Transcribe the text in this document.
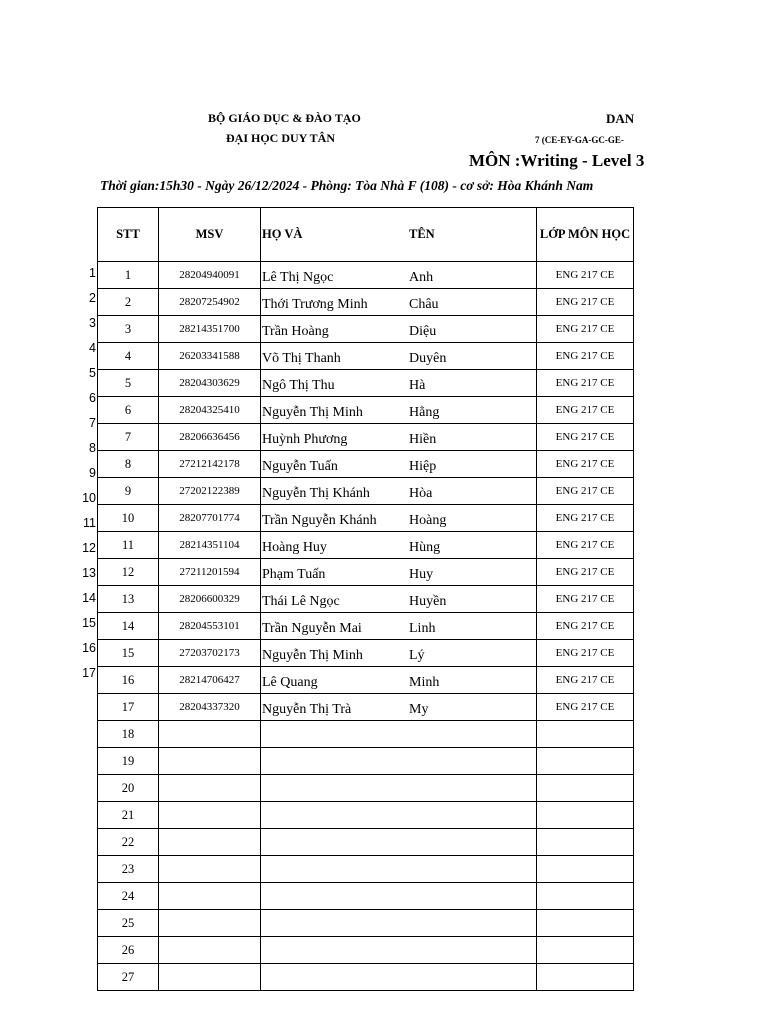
BỘ GIÁO DỤC & ĐÀO TẠO
ĐẠI HỌC DUY TÂN
DAN
7 (CE-EY-GA-GC-GE-
MÔN :Writing - Level 3
Thời gian:15h30 - Ngày 26/12/2024 - Phòng: Tòa Nhà F (108) - cơ sở: Hòa Khánh Nam
STT	MSV	HỌ VÀ	TÊN	LỚP MÔN HỌC
1	28204940091	Lê Thị Ngọc	Anh	ENG 217 CE
2	28207254902	Thới Trương Minh	Châu	ENG 217 CE
3	28214351700	Trần Hoàng	Diệu	ENG 217 CE
4	26203341588	Võ Thị Thanh	Duyên	ENG 217 CE
5	28204303629	Ngô Thị Thu	Hà	ENG 217 CE
6	28204325410	Nguyễn Thị Minh	Hằng	ENG 217 CE
7	28206636456	Huỳnh Phương	Hiền	ENG 217 CE
8	27212142178	Nguyễn Tuấn	Hiệp	ENG 217 CE
9	27202122389	Nguyễn Thị Khánh	Hòa	ENG 217 CE
10	28207701774	Trần Nguyễn Khánh	Hoàng	ENG 217 CE
11	28214351104	Hoàng Huy	Hùng	ENG 217 CE
12	27211201594	Phạm Tuấn	Huy	ENG 217 CE
13	28206600329	Thái Lê Ngọc	Huyền	ENG 217 CE
14	28204553101	Trần Nguyễn Mai	Linh	ENG 217 CE
15	27203702173	Nguyễn Thị Minh	Lý	ENG 217 CE
16	28214706427	Lê Quang	Minh	ENG 217 CE
17	28204337320	Nguyễn Thị Trà	My	ENG 217 CE
18				
19				
20				
21				
22				
23				
24				
25				
26				
27				
1
2
3
4
5
6
7
8
9
10
11
12
13
14
15
16
17
